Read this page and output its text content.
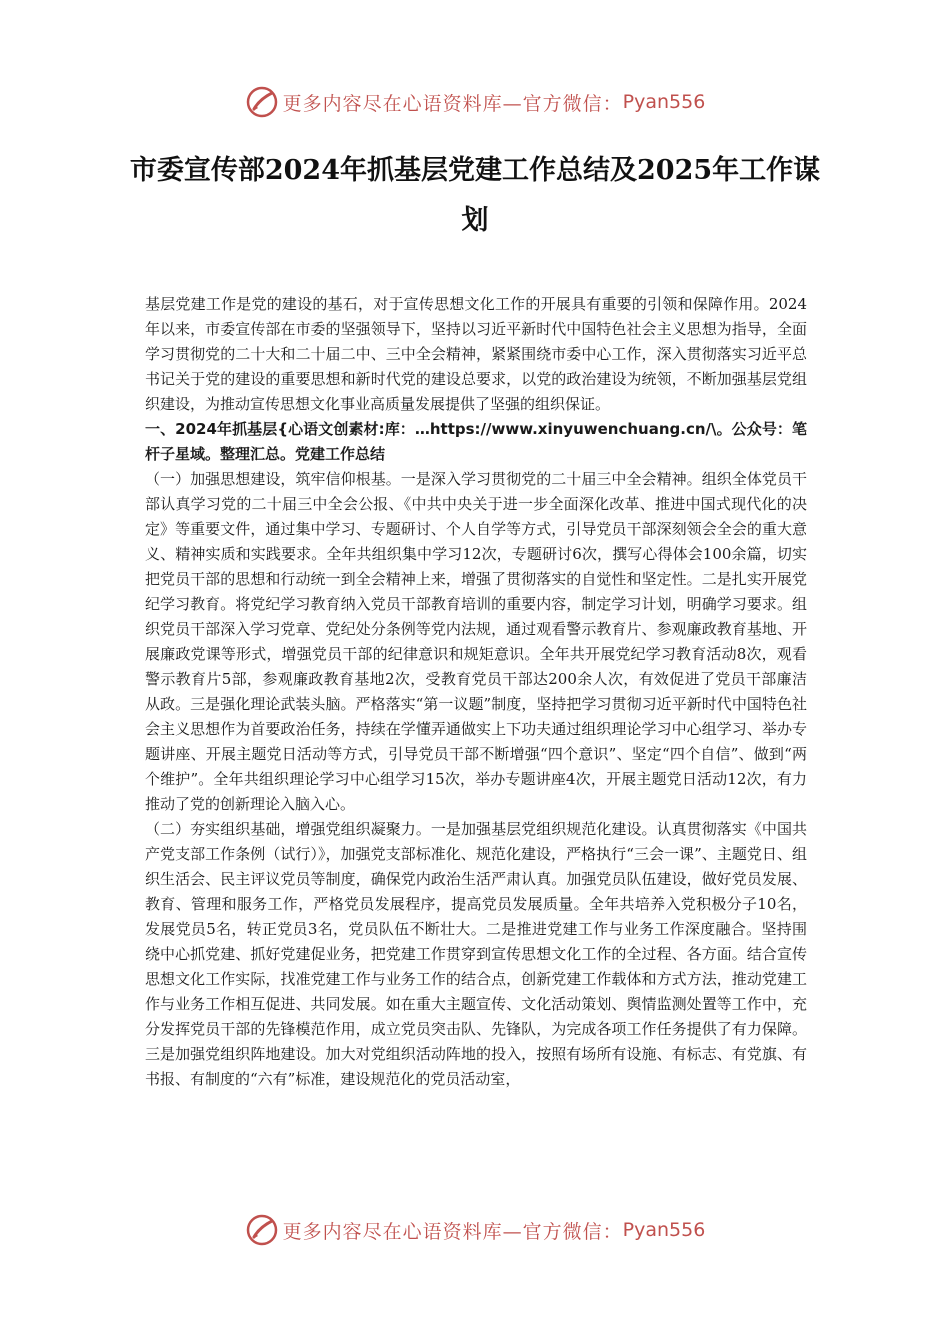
更多内容尽在心语资料库—官方微信： Pyan556
市委宣传部2024年抓基层党建工作总结及2025年工作谋划

基层党建工作是党的建设的基石，对于宣传思想文化工作的开展具有重要的引领和保障作用。2024年以来，市委宣传部在市委的坚强领导下，坚持以习近平新时代中国特色社会主义思想为指导，全面学习贯彻党的二十大和二十届二中、三中全会精神，紧紧围绕市委中心工作，深入贯彻落实习近平总书记关于党的建设的重要思想和新时代党的建设总要求，以党的政治建设为统领，不断加强基层党组织建设，为推动宣传思想文化事业高质量发展提供了坚强的组织保证。

一、2024年抓基层{心语文创素材:库：…https://www.xinyuwenchuang.cn/\。公众号：笔杆子星域。整理汇总。党建工作总结

（一）加强思想建设，筑牢信仰根基。一是深入学习贯彻党的二十届三中全会精神。组织全体党员干部认真学习党的二十届三中全会公报、《中共中央关于进一步全面深化改革、推进中国式现代化的决定》等重要文件，通过集中学习、专题研讨、个人自学等方式，引导党员干部深刻领会全会的重大意义、精神实质和实践要求。全年共组织集中学习12次，专题研讨6次，撰写心得体会100余篇，切实把党员干部的思想和行动统一到全会精神上来，增强了贯彻落实的自觉性和坚定性。二是扎实开展党纪学习教育。将党纪学习教育纳入党员干部教育培训的重要内容，制定学习计划，明确学习要求。组织党员干部深入学习党章、党纪处分条例等党内法规，通过观看警示教育片、参观廉政教育基地、开展廉政党课等形式，增强党员干部的纪律意识和规矩意识。全年共开展党纪学习教育活动8次，观看警示教育片5部，参观廉政教育基地2次，受教育党员干部达200余人次，有效促进了党员干部廉洁从政。三是强化理论武装头脑。严格落实“第一议题”制度，坚持把学习贯彻习近平新时代中国特色社会主义思想作为首要政治任务，持续在学懂弄通做实上下功夫通过组织理论学习中心组学习、举办专题讲座、开展主题党日活动等方式，引导党员干部不断增强“四个意识”、坚定“四个自信”、做到“两个维护”。全年共组织理论学习中心组学习15次，举办专题讲座4次，开展主题党日活动12次，有力推动了党的创新理论入脑入心。

（二）夯实组织基础，增强党组织凝聚力。一是加强基层党组织规范化建设。认真贯彻落实《中国共产党支部工作条例（试行）》，加强党支部标准化、规范化建设，严格执行“三会一课”、主题党日、组织生活会、民主评议党员等制度，确保党内政治生活严肃认真。加强党员队伍建设，做好党员发展、教育、管理和服务工作，严格党员发展程序，提高党员发展质量。全年共培养入党积极分子10名，发展党员5名，转正党员3名，党员队伍不断壮大。二是推进党建工作与业务工作深度融合。坚持围绕中心抓党建、抓好党建促业务，把党建工作贯穿到宣传思想文化工作的全过程、各方面。结合宣传思想文化工作实际，找准党建工作与业务工作的结合点，创新党建工作载体和方式方法，推动党建工作与业务工作相互促进、共同发展。如在重大主题宣传、文化活动策划、舆情监测处置等工作中，充分发挥党员干部的先锋模范作用，成立党员突击队、先锋队，为完成各项工作任务提供了有力保障。三是加强党组织阵地建设。加大对党组织活动阵地的投入，按照有场所有设施、有标志、有党旗、有书报、有制度的“六有”标准，建设规范化的党员活动室，

更多内容尽在心语资料库—官方微信： Pyan556
